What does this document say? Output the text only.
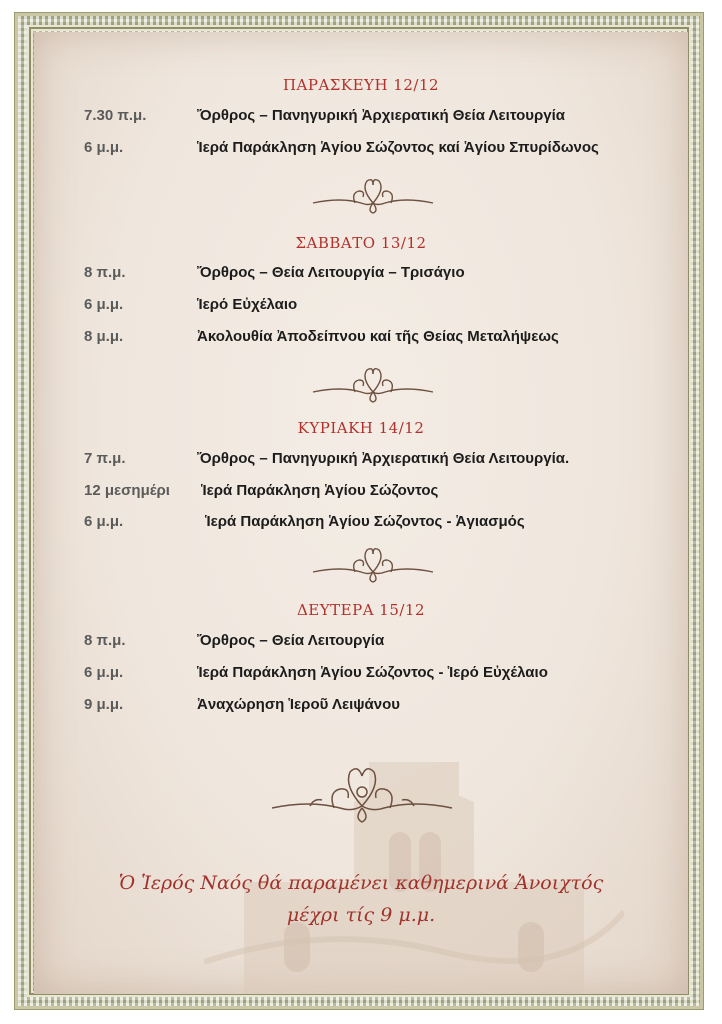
ΠΑΡΑΣΚΕΥΗ 12/12
7.30 π.μ.	Ὄρθρος – Πανηγυρική Ἀρχιερατική Θεία Λειτουργία
6 μ.μ.	Ἱερά Παράκληση Ἁγίου Σώζοντος καί Ἁγίου Σπυρίδωνος
ΣΑΒΒΑΤΟ 13/12
8 π.μ.	Ὄρθρος – Θεία Λειτουργία – Τρισάγιο
6 μ.μ.	Ἱερό Εὐχέλαιο
8 μ.μ.	Ἀκολουθία Ἀποδείπνου καί τῆς Θείας Μεταλήψεως
ΚΥΡΙΑΚΗ 14/12
7 π.μ.	Ὄρθρος – Πανηγυρική Ἀρχιερατική Θεία Λειτουργία.
12 μεσημέρι Ἱερά Παράκληση Ἁγίου Σώζοντος
6 μ.μ.	Ἱερά Παράκληση Ἁγίου Σώζοντος - Ἁγιασμός
ΔΕΥΤΕΡΑ 15/12
8 π.μ.	Ὄρθρος – Θεία Λειτουργία
6 μ.μ.	Ἱερά Παράκληση Ἁγίου Σώζοντος - Ἱερό Εὐχέλαιο
9 μ.μ.	Ἀναχώρηση Ἱεροῦ Λειψάνου
Ὁ Ἱερός Ναός θά παραμένει καθημερινά Ἀνοιχτός
μέχρι τίς 9 μ.μ.
